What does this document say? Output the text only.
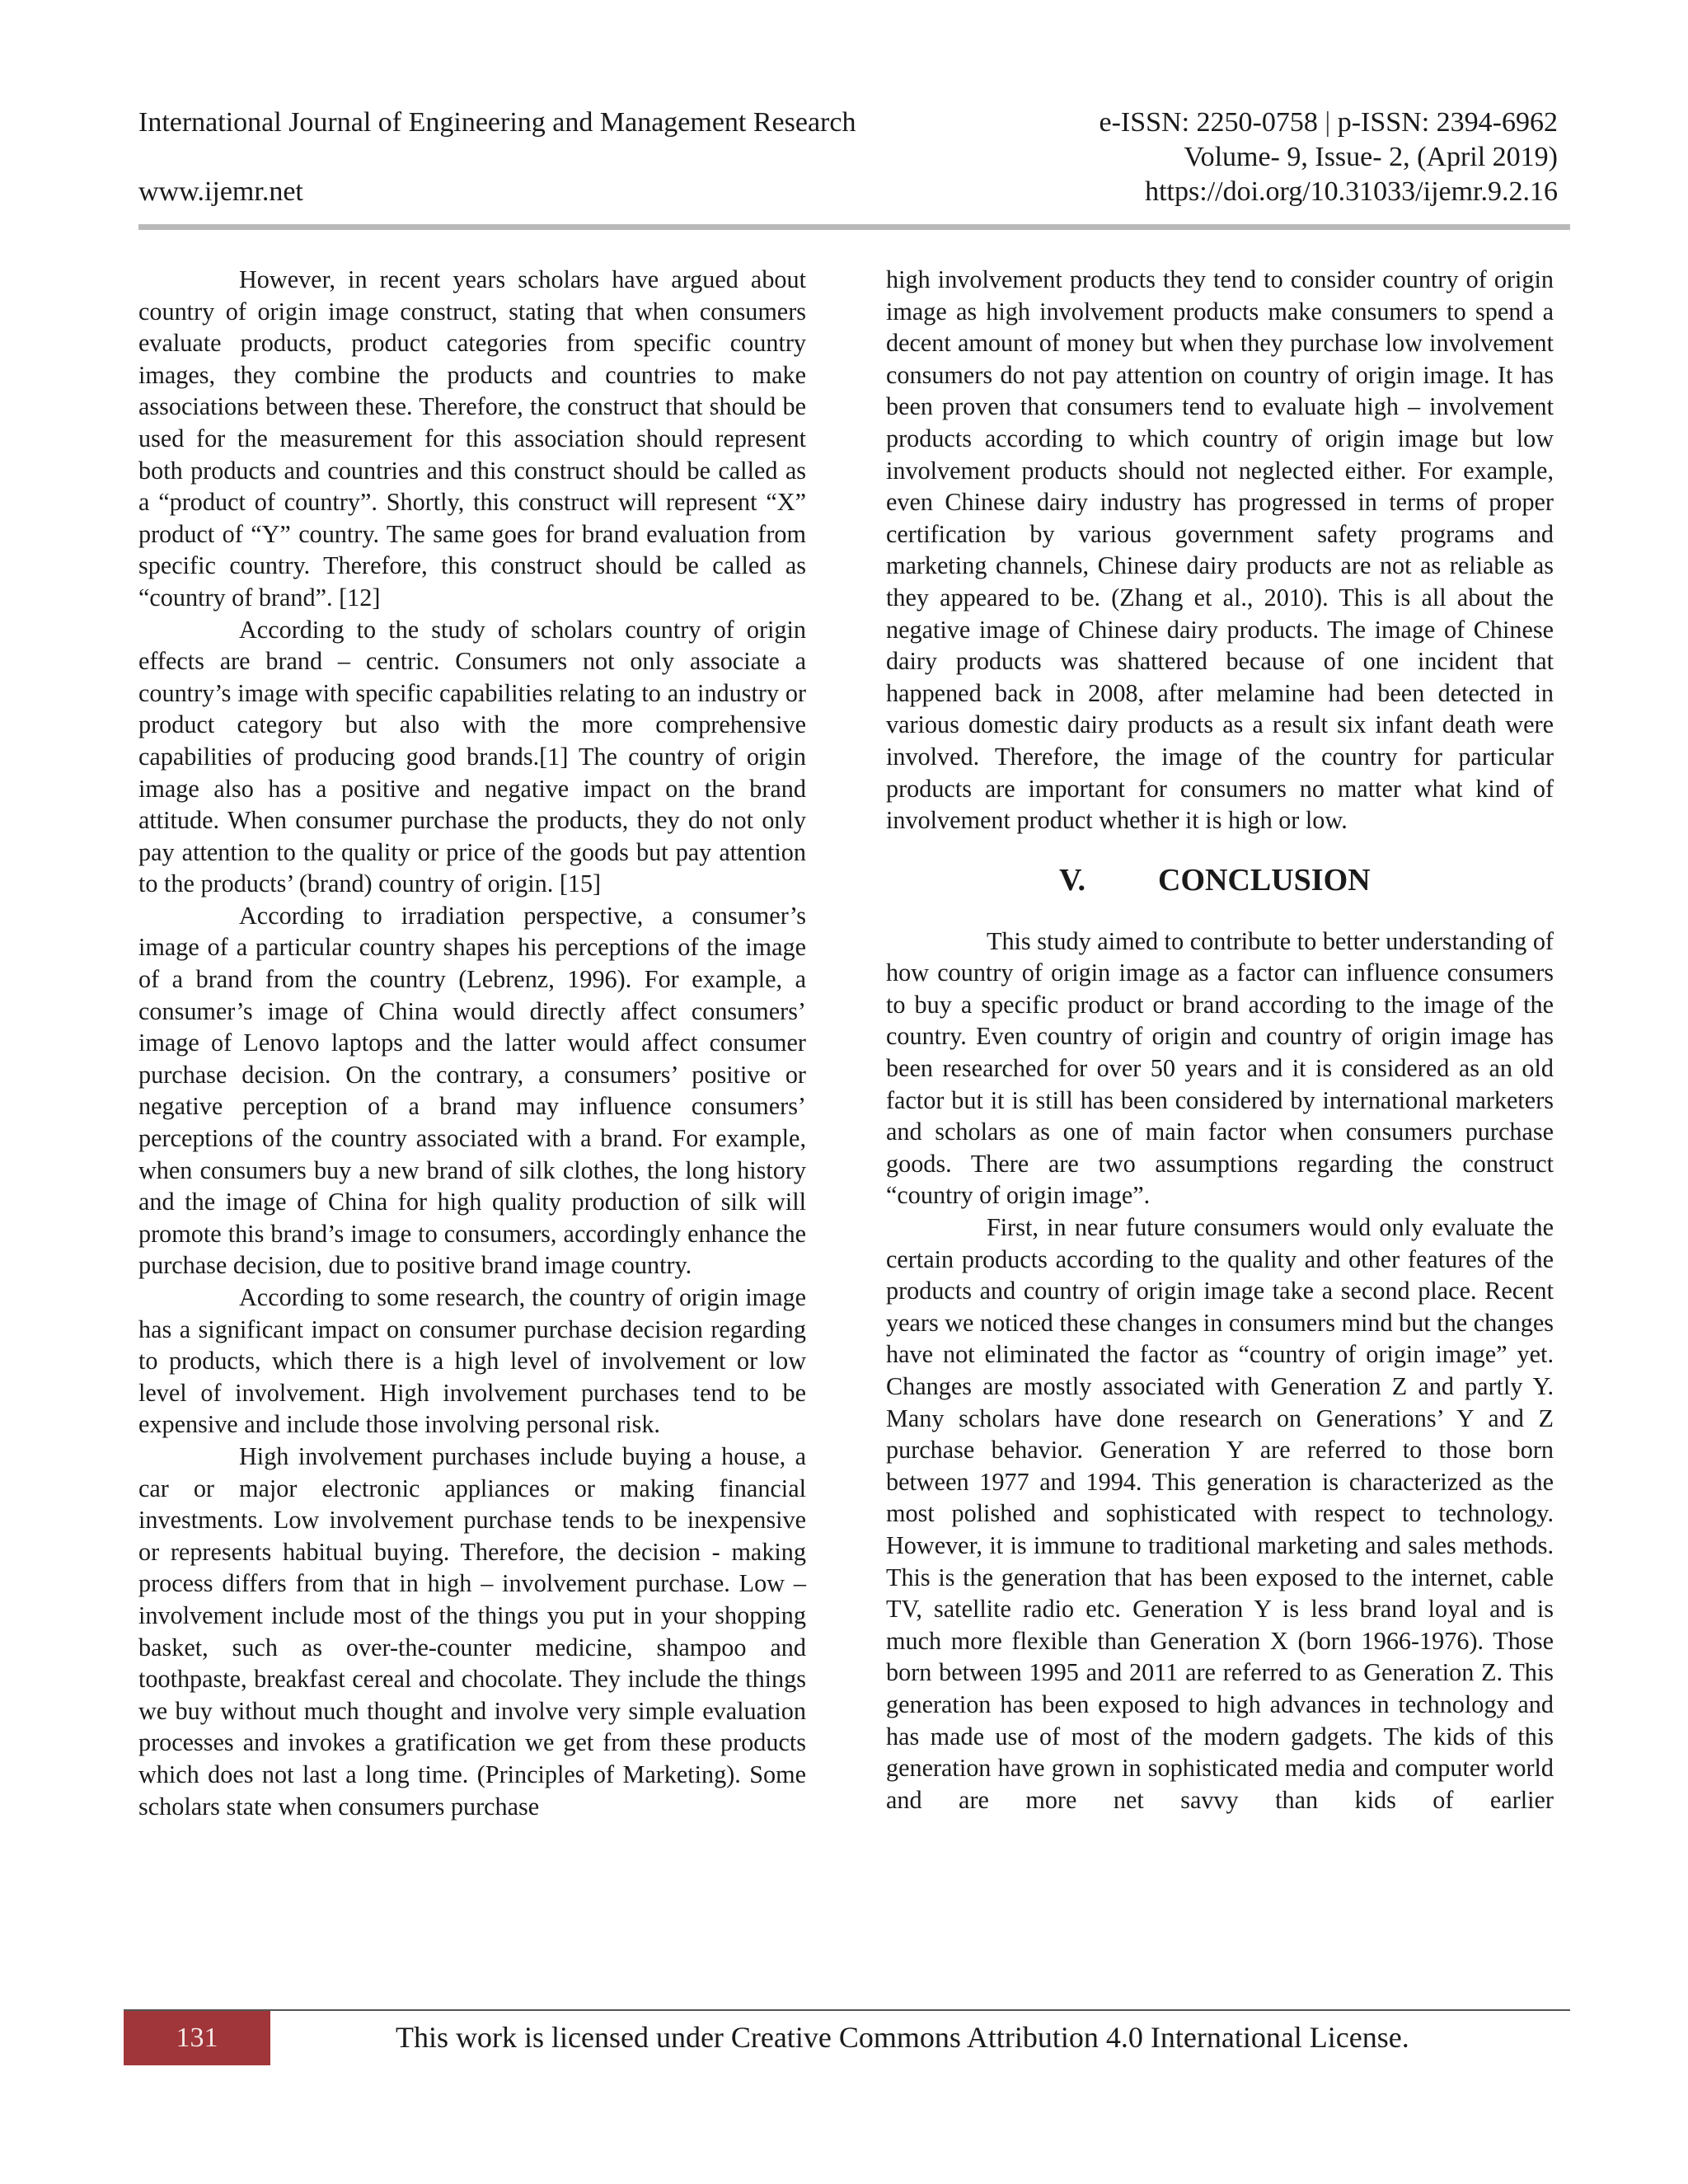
International Journal of Engineering and Management Research	e-ISSN: 2250-0758 | p-ISSN: 2394-6962
Volume- 9, Issue- 2, (April 2019)
www.ijemr.net	https://doi.org/10.31033/ijemr.9.2.16

However, in recent years scholars have argued about country of origin image construct, stating that when consumers evaluate products, product categories from specific country images, they combine the products and countries to make associations between these. Therefore, the construct that should be used for the measurement for this association should represent both products and countries and this construct should be called as a “product of country”. Shortly, this construct will represent “X” product of “Y” country. The same goes for brand evaluation from specific country. Therefore, this construct should be called as “country of brand”. [12]

According to the study of scholars country of origin effects are brand – centric. Consumers not only associate a country’s image with specific capabilities relating to an industry or product category but also with the more comprehensive capabilities of producing good brands.[1] The country of origin image also has a positive and negative impact on the brand attitude. When consumer purchase the products, they do not only pay attention to the quality or price of the goods but pay attention to the products’ (brand) country of origin. [15]

According to irradiation perspective, a consumer’s image of a particular country shapes his perceptions of the image of a brand from the country (Lebrenz, 1996). For example, a consumer’s image of China would directly affect consumers’ image of Lenovo laptops and the latter would affect consumer purchase decision. On the contrary, a consumers’ positive or negative perception of a brand may influence consumers’ perceptions of the country associated with a brand. For example, when consumers buy a new brand of silk clothes, the long history and the image of China for high quality production of silk will promote this brand’s image to consumers, accordingly enhance the purchase decision, due to positive brand image country.

According to some research, the country of origin image has a significant impact on consumer purchase decision regarding to products, which there is a high level of involvement or low level of involvement. High involvement purchases tend to be expensive and include those involving personal risk.

High involvement purchases include buying a house, a car or major electronic appliances or making financial investments. Low involvement purchase tends to be inexpensive or represents habitual buying. Therefore, the decision - making process differs from that in high – involvement purchase. Low – involvement include most of the things you put in your shopping basket, such as over-the-counter medicine, shampoo and toothpaste, breakfast cereal and chocolate. They include the things we buy without much thought and involve very simple evaluation processes and invokes a gratification we get from these products which does not last a long time. (Principles of Marketing). Some scholars state when consumers purchase

high involvement products they tend to consider country of origin image as high involvement products make consumers to spend a decent amount of money but when they purchase low involvement consumers do not pay attention on country of origin image. It has been proven that consumers tend to evaluate high – involvement products according to which country of origin image but low involvement products should not neglected either. For example, even Chinese dairy industry has progressed in terms of proper certification by various government safety programs and marketing channels, Chinese dairy products are not as reliable as they appeared to be. (Zhang et al., 2010). This is all about the negative image of Chinese dairy products. The image of Chinese dairy products was shattered because of one incident that happened back in 2008, after melamine had been detected in various domestic dairy products as a result six infant death were involved. Therefore, the image of the country for particular products are important for consumers no matter what kind of involvement product whether it is high or low.

V. CONCLUSION

This study aimed to contribute to better understanding of how country of origin image as a factor can influence consumers to buy a specific product or brand according to the image of the country. Even country of origin and country of origin image has been researched for over 50 years and it is considered as an old factor but it is still has been considered by international marketers and scholars as one of main factor when consumers purchase goods. There are two assumptions regarding the construct “country of origin image”.

First, in near future consumers would only evaluate the certain products according to the quality and other features of the products and country of origin image take a second place. Recent years we noticed these changes in consumers mind but the changes have not eliminated the factor as “country of origin image” yet. Changes are mostly associated with Generation Z and partly Y. Many scholars have done research on Generations’ Y and Z purchase behavior. Generation Y are referred to those born between 1977 and 1994. This generation is characterized as the most polished and sophisticated with respect to technology. However, it is immune to traditional marketing and sales methods. This is the generation that has been exposed to the internet, cable TV, satellite radio etc. Generation Y is less brand loyal and is much more flexible than Generation X (born 1966-1976). Those born between 1995 and 2011 are referred to as Generation Z. This generation has been exposed to high advances in technology and has made use of most of the modern gadgets. The kids of this generation have grown in sophisticated media and computer world and are more net savvy than kids of earlier

131	This work is licensed under Creative Commons Attribution 4.0 International License.
